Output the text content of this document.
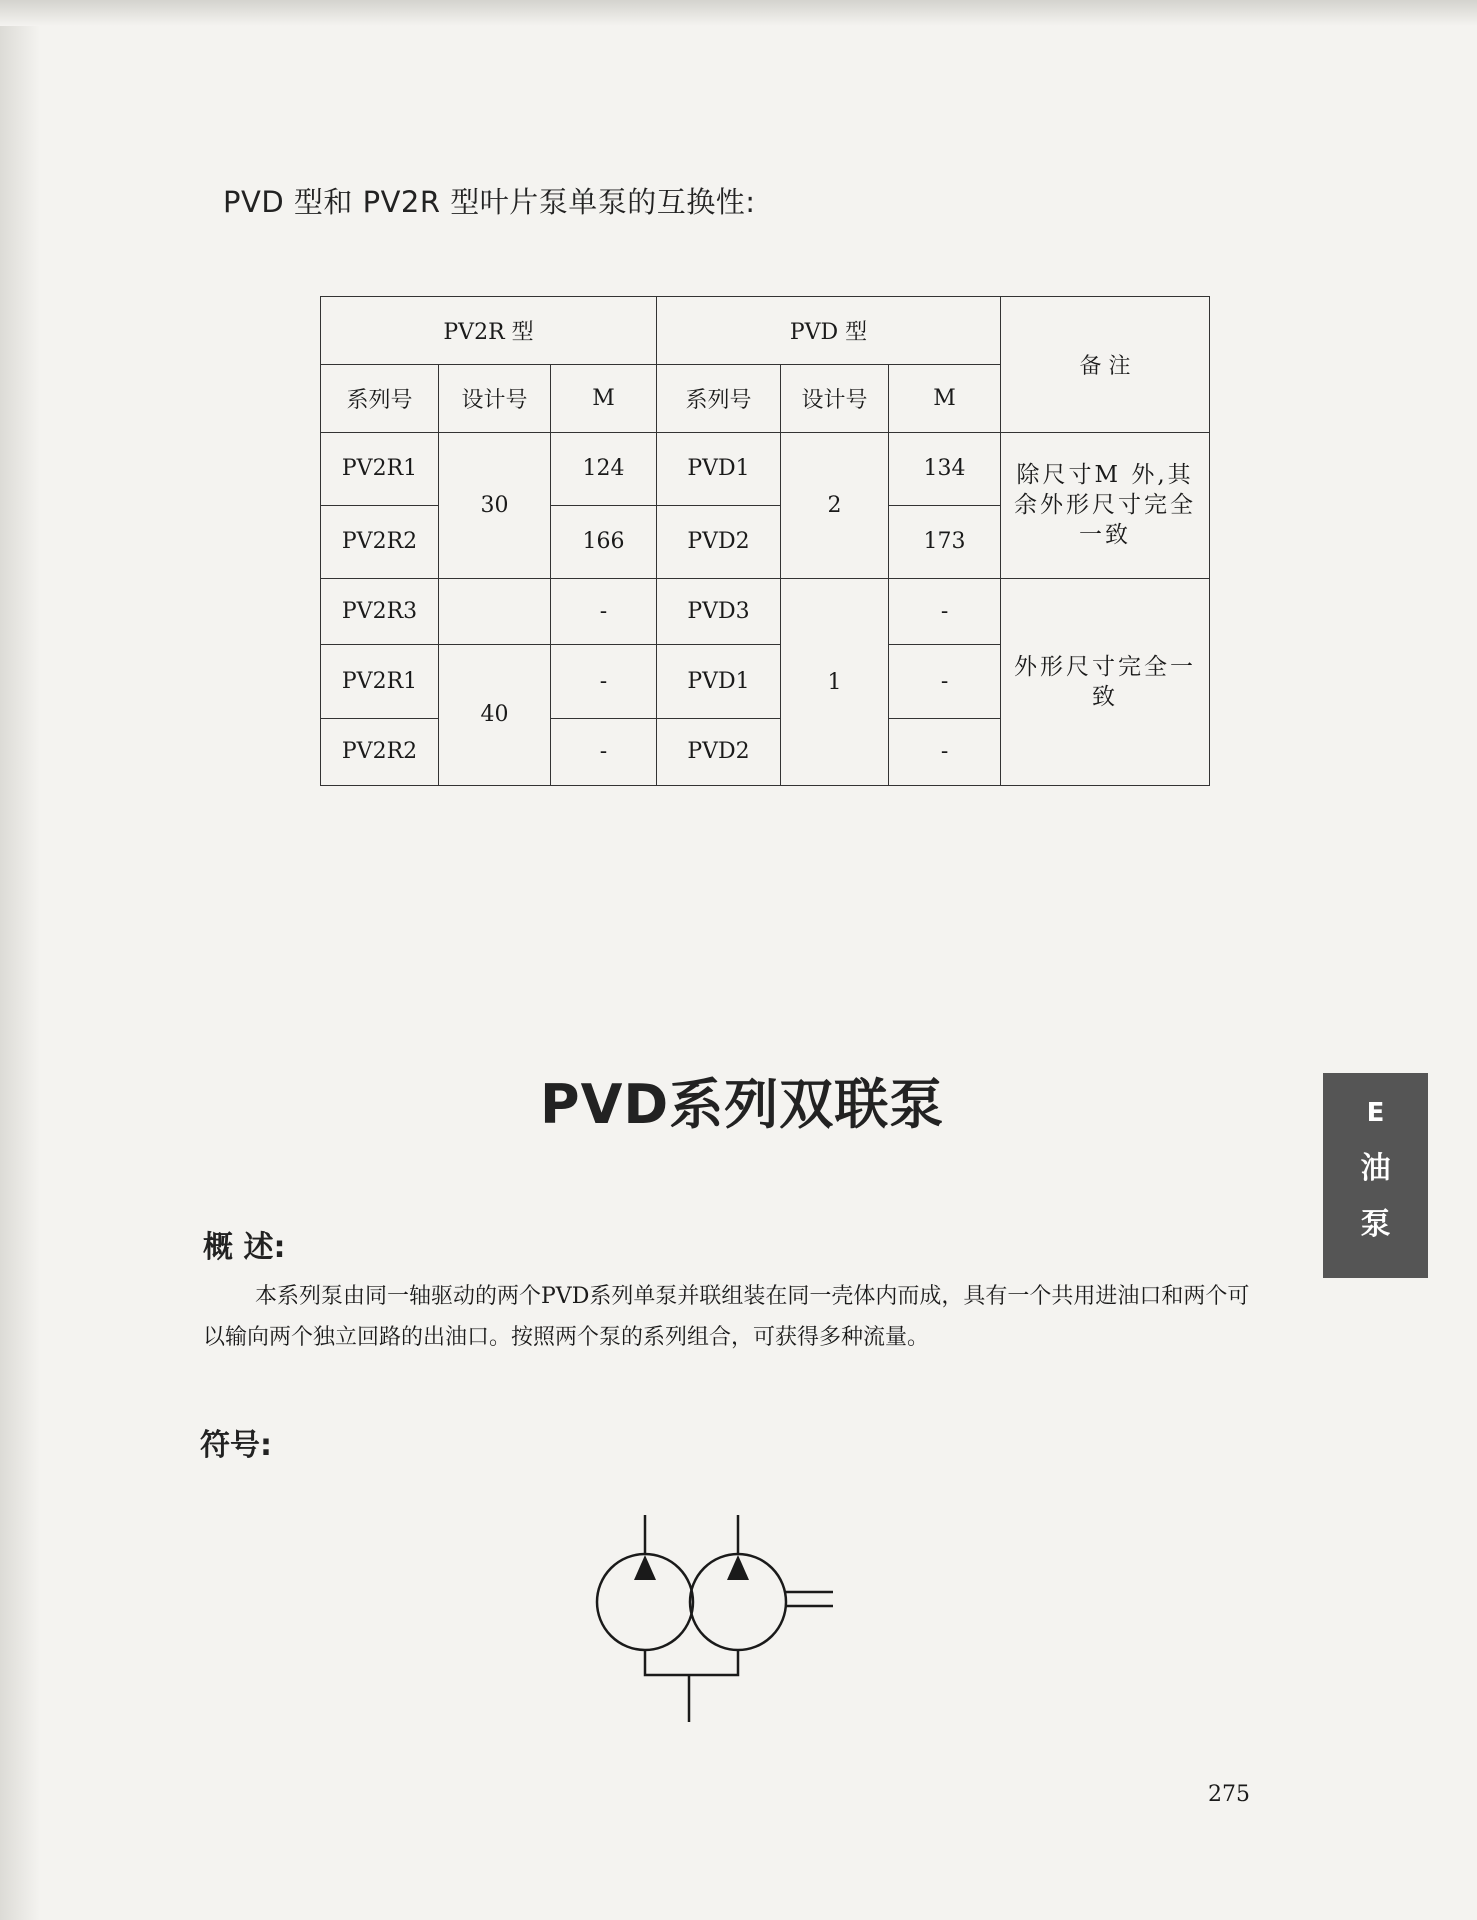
PVD 型和 PV2R 型叶片泵单泵的互换性:
PV2R 型			PVD 型			备 注
系列号	设计号	M	系列号	设计号	M	
PV2R1	30	124	PVD1	2	134	除尺寸M 外,其余外形尺寸完全一致
PV2R2		166	PVD2		173	
PV2R3		-	PVD3	1	-	外形尺寸完全一致
PV2R1	40	-	PVD1		-	
PV2R2		-	PVD2		-	
PVD系列双联泵
概 述:

本系列泵由同一轴驱动的两个PVD系列单泵并联组装在同一壳体内而成，具有一个共用进油口和两个可以输向两个独立回路的出油口。按照两个泵的系列组合，可获得多种流量。

符号:
E
油
泵
275
